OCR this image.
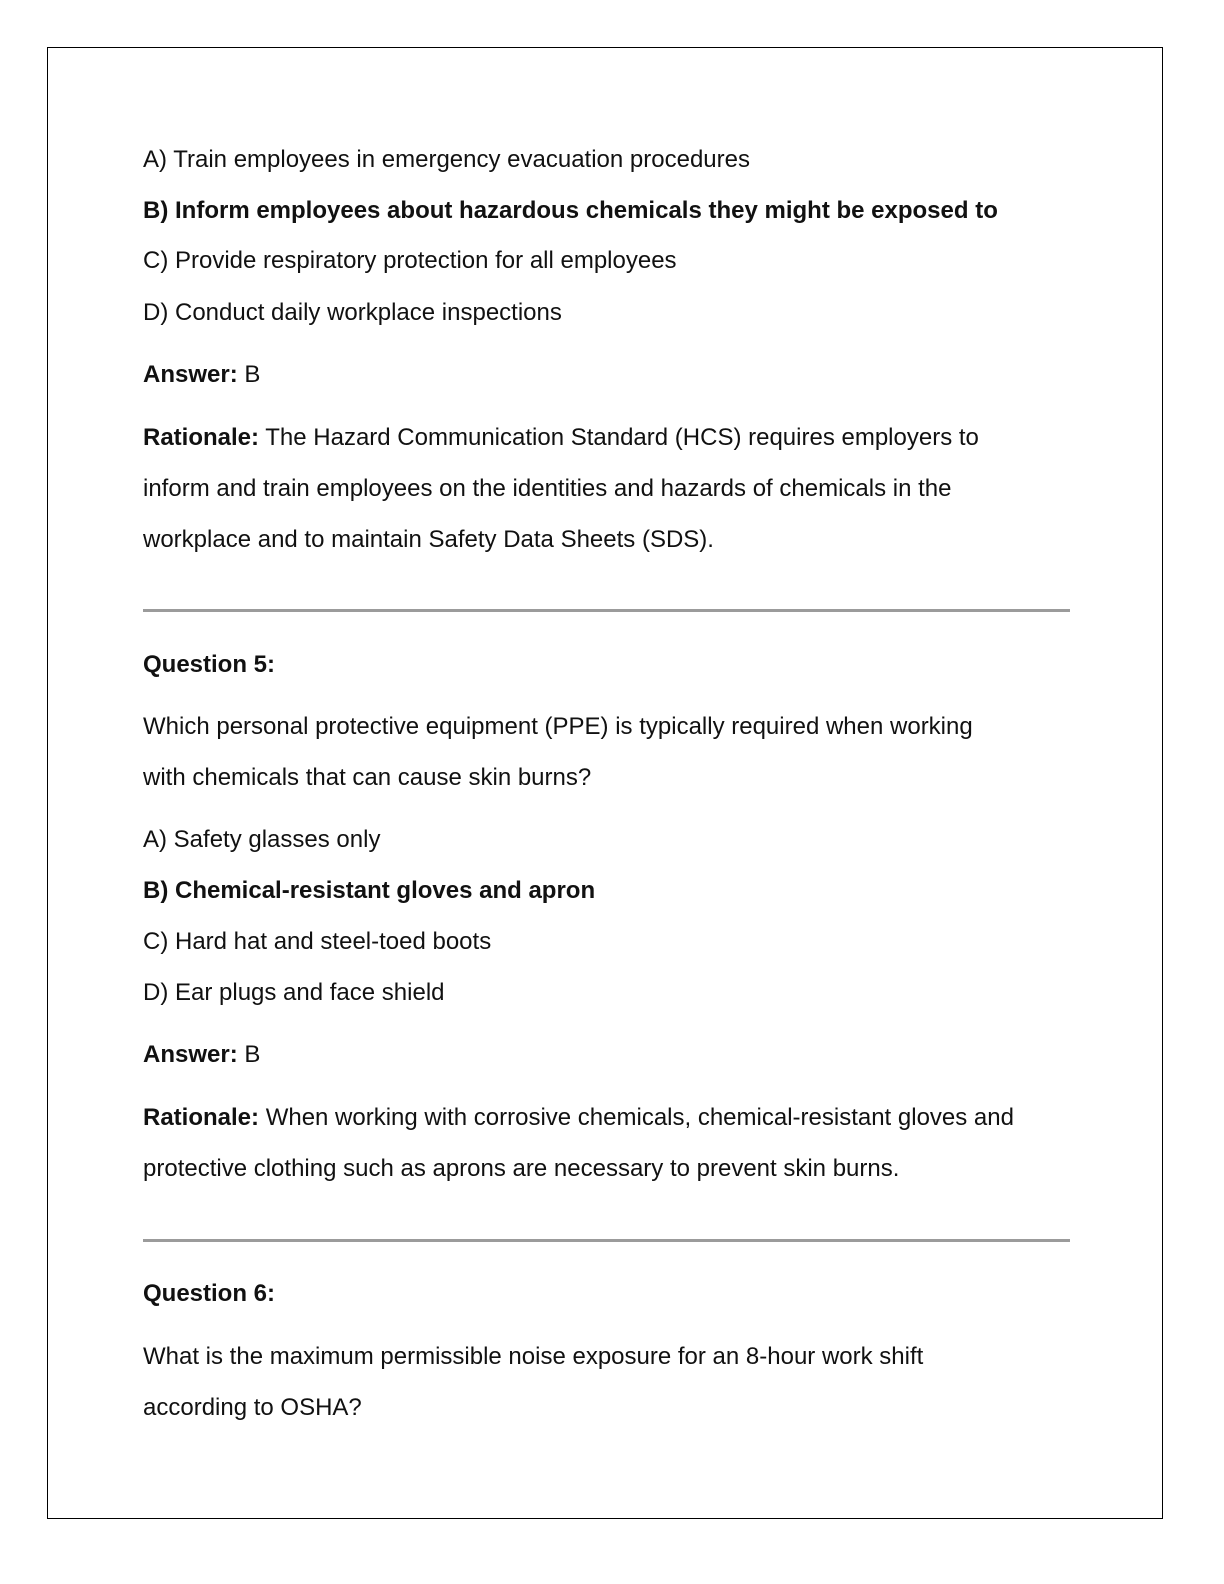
A) Train employees in emergency evacuation procedures
B) Inform employees about hazardous chemicals they might be exposed to
C) Provide respiratory protection for all employees
D) Conduct daily workplace inspections
Answer: B
Rationale: The Hazard Communication Standard (HCS) requires employers to
inform and train employees on the identities and hazards of chemicals in the
workplace and to maintain Safety Data Sheets (SDS).
Question 5:
Which personal protective equipment (PPE) is typically required when working
with chemicals that can cause skin burns?
A) Safety glasses only
B) Chemical-resistant gloves and apron
C) Hard hat and steel-toed boots
D) Ear plugs and face shield
Answer: B
Rationale: When working with corrosive chemicals, chemical-resistant gloves and
protective clothing such as aprons are necessary to prevent skin burns.
Question 6:
What is the maximum permissible noise exposure for an 8-hour work shift
according to OSHA?
